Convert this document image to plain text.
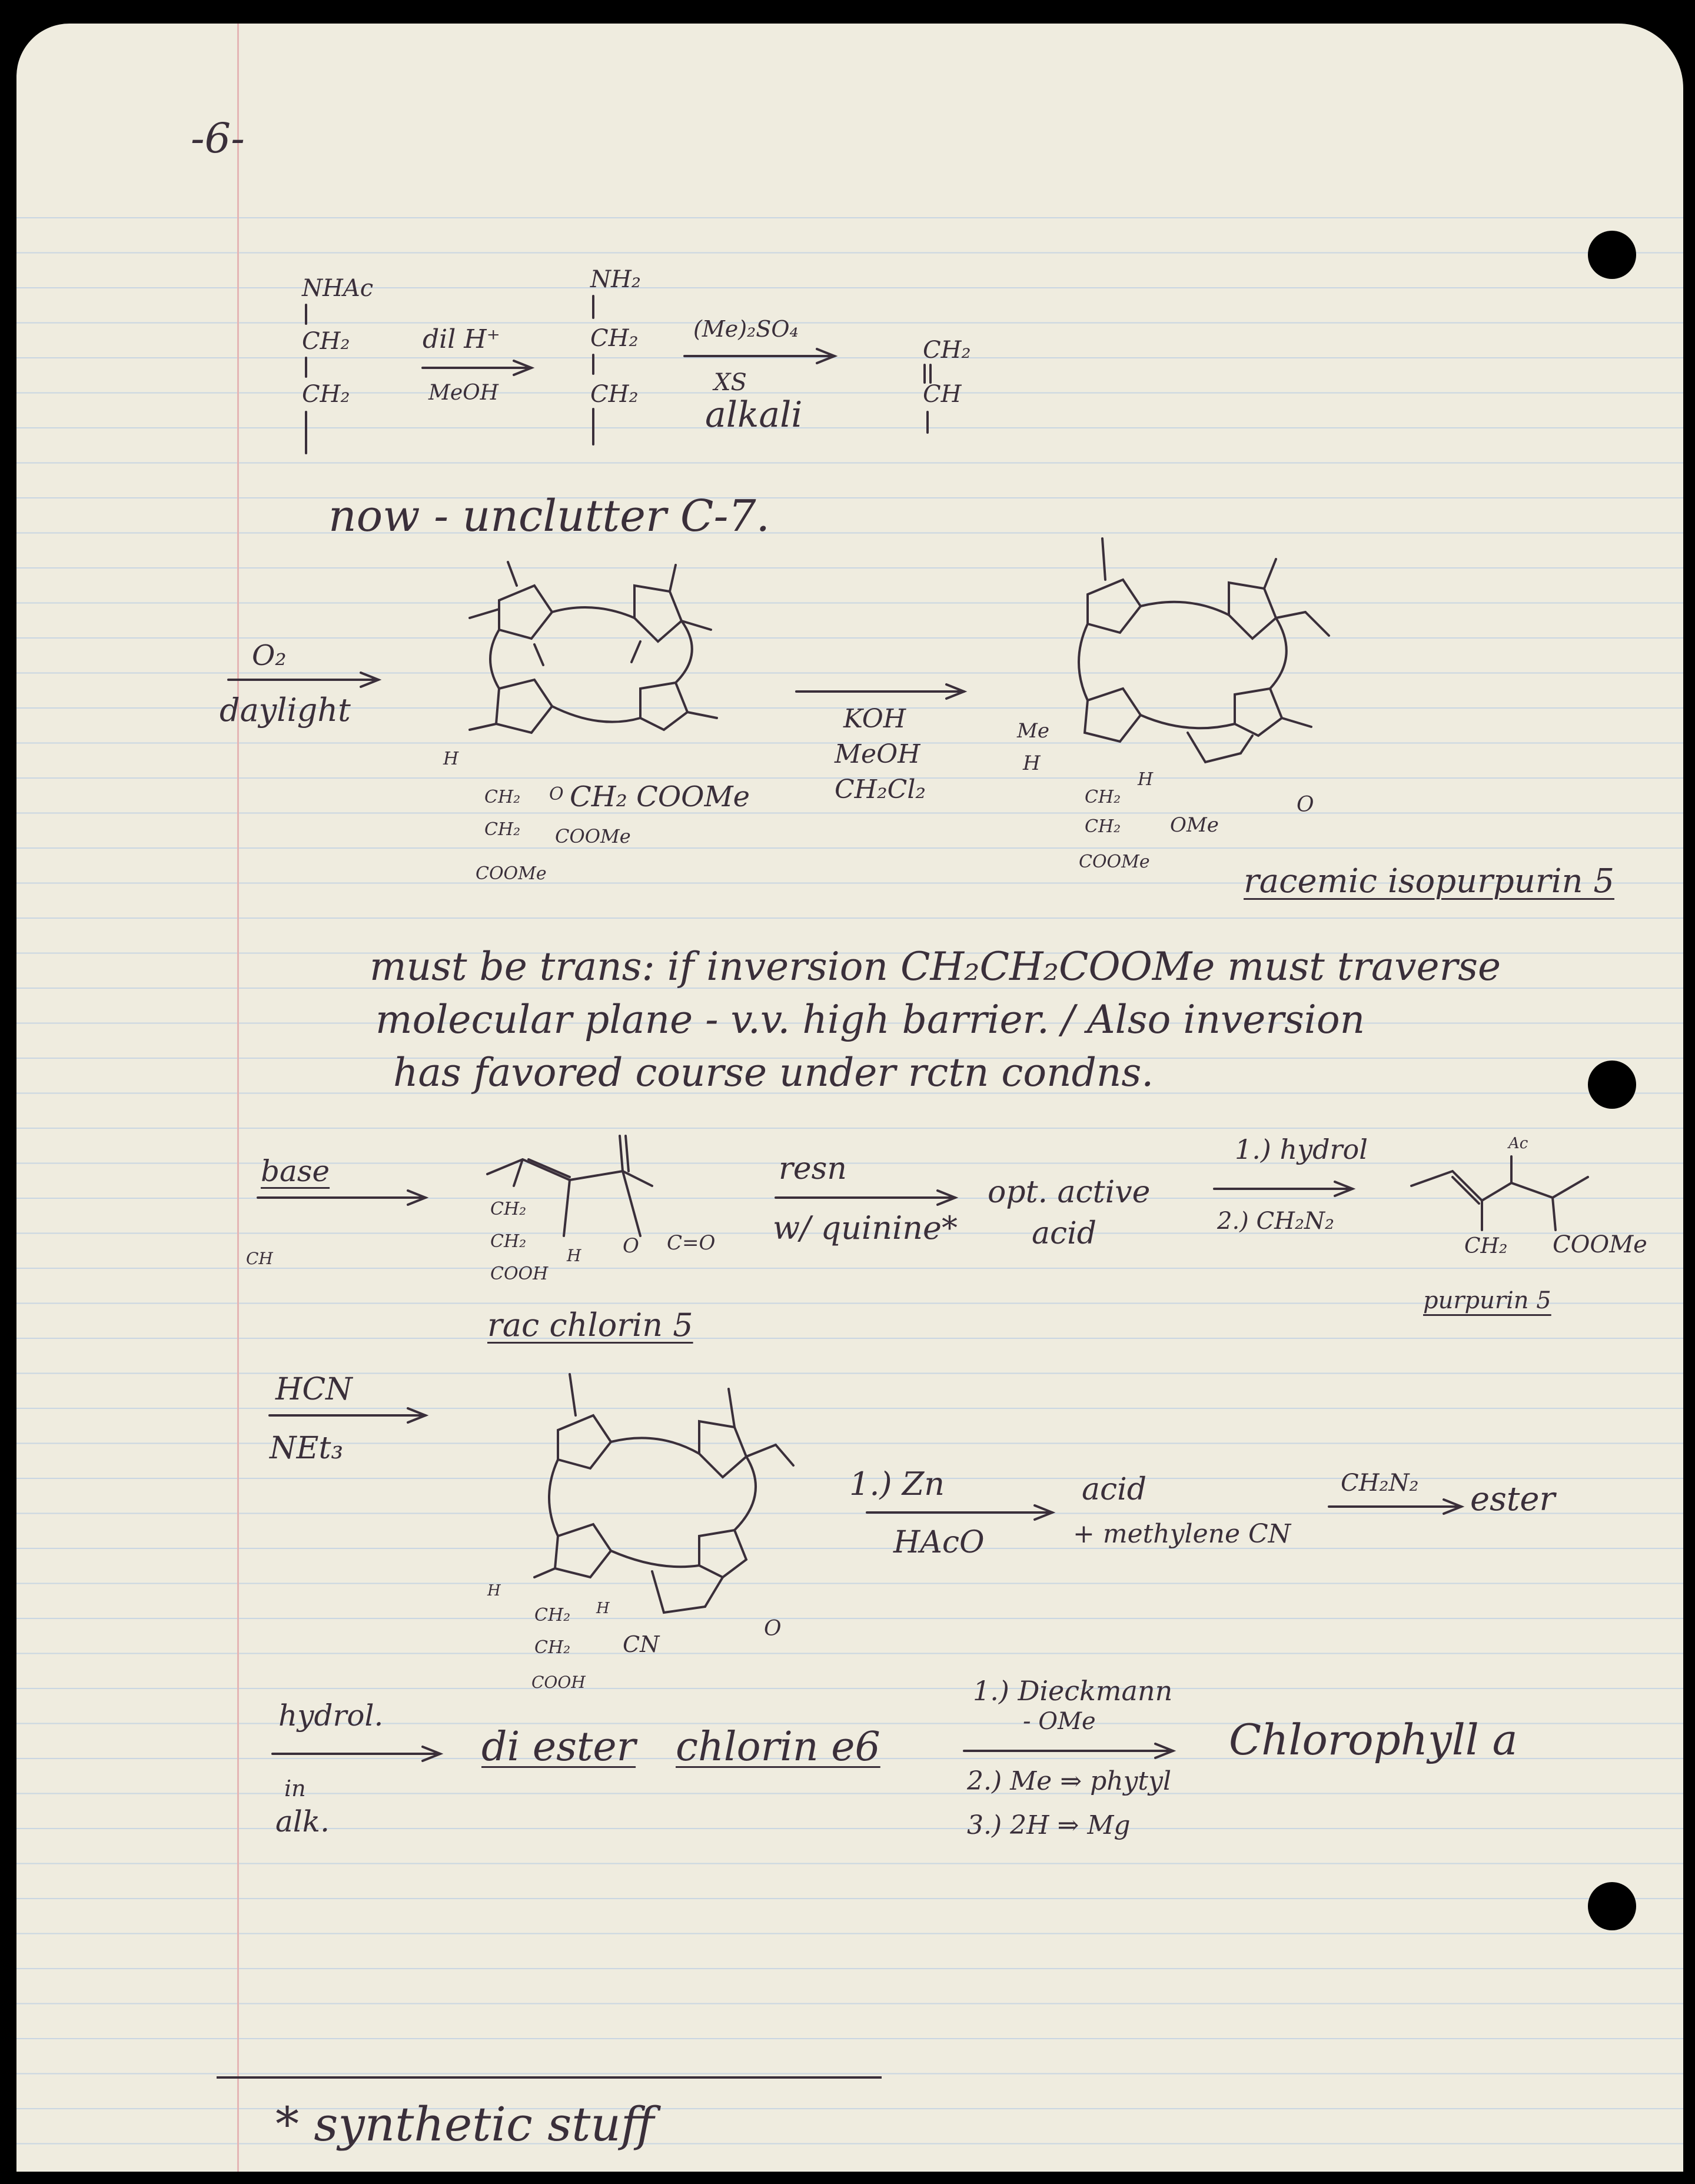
-6-
NHAc
CH₂
CH₂
dil H⁺
MeOH
NH₂
CH₂
CH₂
(Me)₂SO₄
XS
alkali
CH₂
CH
now - unclutter C-7.
O₂
daylight
H
CH₂
CH₂
COOMe
O CH₂ COOMe
COOMe
KOH
MeOH
CH₂Cl₂
Me
H
H
CH₂
CH₂
COOMe
OMe
O
racemic isopurpurin 5
must be trans: if inversion CH₂CH₂COOMe must traverse
molecular plane - v.v. high barrier. / Also inversion
has favored course under rctn condns.
base
CH
CH₂
CH₂
COOH
H O C=O
rac chlorin 5
resn
w/ quinine*
opt. active
acid
1.) hydrol
2.) CH₂N₂
Ac
CH₂ COOMe
purpurin 5
HCN
NEt₃
H
H
CH₂
CH₂
COOH
CN
O
1.) Zn
HAcO
acid
+ methylene CN
CH₂N₂ ester
hydrol.
in
alk.
di ester chlorin e6
1.) Dieckmann
- OMe
2.) Me ⇒ phytyl
3.) 2H ⇒ Mg
Chlorophyll a
* synthetic stuff
